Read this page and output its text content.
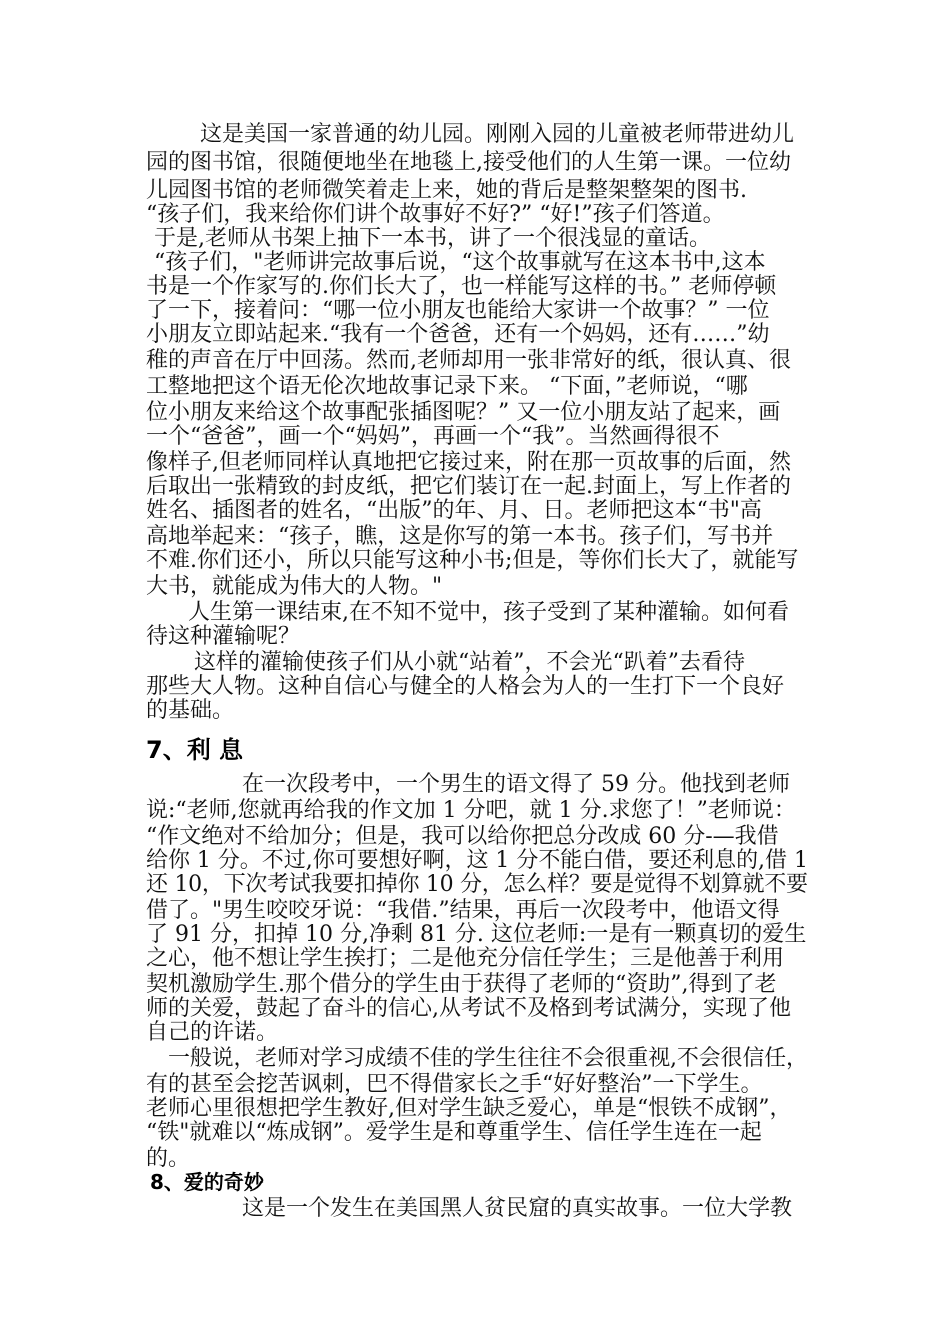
这是美国一家普通的幼儿园。刚刚入园的儿童被老师带进幼儿
园的图书馆，很随便地坐在地毯上,接受他们的人生第一课。一位幼
儿园图书馆的老师微笑着走上来，她的背后是整架整架的图书.
“孩子们，我来给你们讲个故事好不好?” “好!”孩子们答道。
于是,老师从书架上抽下一本书，讲了一个很浅显的童话。
“孩子们，"老师讲完故事后说，“这个故事就写在这本书中,这本
书是一个作家写的.你们长大了，也一样能写这样的书。” 老师停顿
了一下，接着问：“哪一位小朋友也能给大家讲一个故事？” 一位
小朋友立即站起来.“我有一个爸爸，还有一个妈妈，还有……”幼
稚的声音在厅中回荡。然而,老师却用一张非常好的纸，很认真、很
工整地把这个语无伦次地故事记录下来。 “下面，”老师说，“哪
位小朋友来给这个故事配张插图呢？” 又一位小朋友站了起来，画
一个“爸爸”，画一个“妈妈”，再画一个“我”。当然画得很不
像样子,但老师同样认真地把它接过来，附在那一页故事的后面，然
后取出一张精致的封皮纸，把它们装订在一起.封面上，写上作者的
姓名、插图者的姓名，“出版”的年、月、日。老师把这本“书"高
高地举起来：“孩子，瞧，这是你写的第一本书。孩子们，写书并
不难.你们还小，所以只能写这种小书;但是，等你们长大了，就能写
大书，就能成为伟大的人物。"
人生第一课结束,在不知不觉中，孩子受到了某种灌输。如何看
待这种灌输呢？
这样的灌输使孩子们从小就“站着”，不会光“趴着”去看待
那些大人物。这种自信心与健全的人格会为人的一生打下一个良好
的基础。
7、利 息
在一次段考中，一个男生的语文得了 59 分。他找到老师
说:“老师,您就再给我的作文加 1 分吧，就 1 分.求您了！”老师说：
“作文绝对不给加分；但是，我可以给你把总分改成 60 分-—我借
给你 1 分。不过,你可要想好啊，这 1 分不能白借，要还利息的,借 1
还 10，下次考试我要扣掉你 10 分，怎么样？要是觉得不划算就不要
借了。"男生咬咬牙说：“我借.”结果，再后一次段考中，他语文得
了 91 分，扣掉 10 分,净剩 81 分. 这位老师:一是有一颗真切的爱生
之心，他不想让学生挨打；二是他充分信任学生；三是他善于利用
契机激励学生.那个借分的学生由于获得了老师的“资助”,得到了老
师的关爱，鼓起了奋斗的信心,从考试不及格到考试满分，实现了他
自己的许诺。
一般说，老师对学习成绩不佳的学生往往不会很重视,不会很信任，
有的甚至会挖苦讽刺，巴不得借家长之手“好好整治”一下学生。
老师心里很想把学生教好,但对学生缺乏爱心，单是“恨铁不成钢”，
“铁"就难以“炼成钢”。爱学生是和尊重学生、信任学生连在一起
的。
8、爱的奇妙
这是一个发生在美国黑人贫民窟的真实故事。一位大学教
